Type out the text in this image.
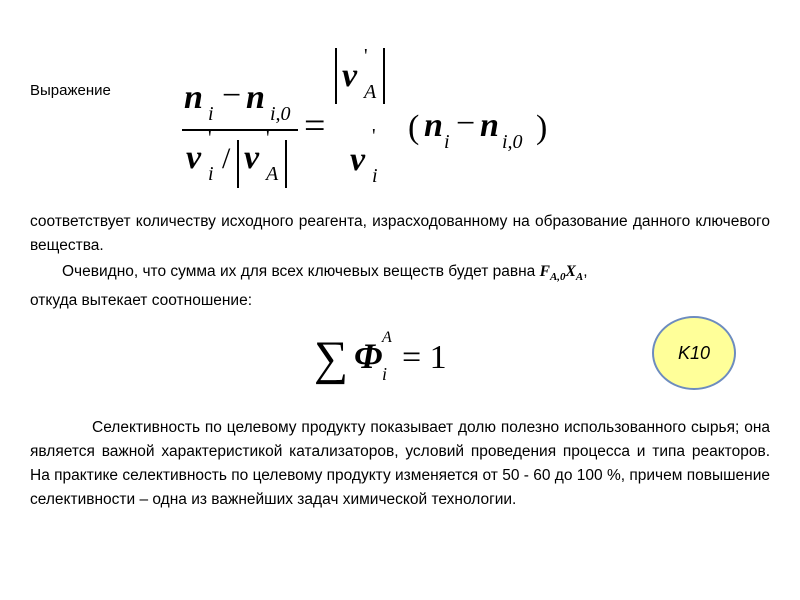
Выражение n i − n i,0
ν
'
i / ν
'
A
=
ν
'
A
ν
'
i
( n i − n i,0 )
соответствует количеству исходного реагента, израсходованному на образование данного ключевого вещества.
Очевидно, что сумма их для всех ключевых веществ будет равна $F_{A,0}X_A$,
откуда вытекает соотношение:
∑ Φ A
i = 1	K10
Селективность по целевому продукту показывает долю полезно использованного сырья; она является важной характеристикой катализаторов, условий проведения процесса и типа реакторов. На практике селективность по целевому продукту изменяется от 50 - 60 до 100 %, причем повышение селективности – одна из важнейших задач химической технологии.
